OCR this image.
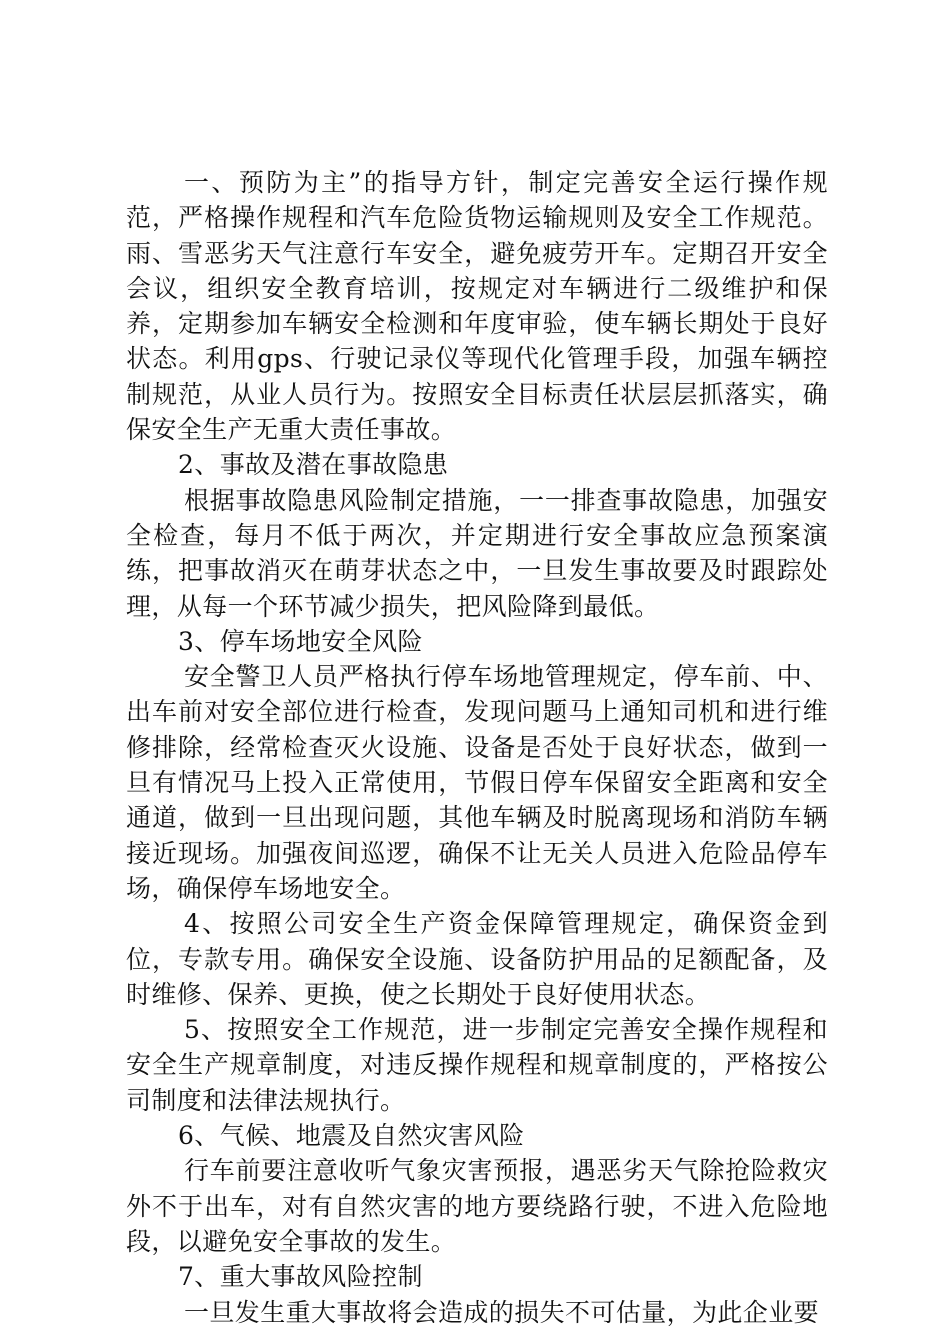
一、预防为主”的指导方针，制定完善安全运行操作规范，严格操作规程和汽车危险货物运输规则及安全工作规范。雨、雪恶劣天气注意行车安全，避免疲劳开车。定期召开安全会议，组织安全教育培训，按规定对车辆进行二级维护和保养，定期参加车辆安全检测和年度审验，使车辆长期处于良好状态。利用gps、行驶记录仪等现代化管理手段，加强车辆控制规范，从业人员行为。按照安全目标责任状层层抓落实，确保安全生产无重大责任事故。

2、事故及潜在事故隐患

根据事故隐患风险制定措施，一一排查事故隐患，加强安全检查，每月不低于两次，并定期进行安全事故应急预案演练，把事故消灭在萌芽状态之中，一旦发生事故要及时跟踪处理，从每一个环节减少损失，把风险降到最低。

3、停车场地安全风险

安全警卫人员严格执行停车场地管理规定，停车前、中、出车前对安全部位进行检查，发现问题马上通知司机和进行维修排除，经常检查灭火设施、设备是否处于良好状态，做到一旦有情况马上投入正常使用，节假日停车保留安全距离和安全通道，做到一旦出现问题，其他车辆及时脱离现场和消防车辆接近现场。加强夜间巡逻，确保不让无关人员进入危险品停车场，确保停车场地安全。

4、按照公司安全生产资金保障管理规定，确保资金到位，专款专用。确保安全设施、设备防护用品的足额配备，及时维修、保养、更换，使之长期处于良好使用状态。

5、按照安全工作规范，进一步制定完善安全操作规程和安全生产规章制度，对违反操作规程和规章制度的，严格按公司制度和法律法规执行。

6、气候、地震及自然灾害风险

行车前要注意收听气象灾害预报，遇恶劣天气除抢险救灾外不于出车，对有自然灾害的地方要绕路行驶，不进入危险地段，以避免安全事故的发生。

7、重大事故风险控制

一旦发生重大事故将会造成的损失不可估量，为此企业要
